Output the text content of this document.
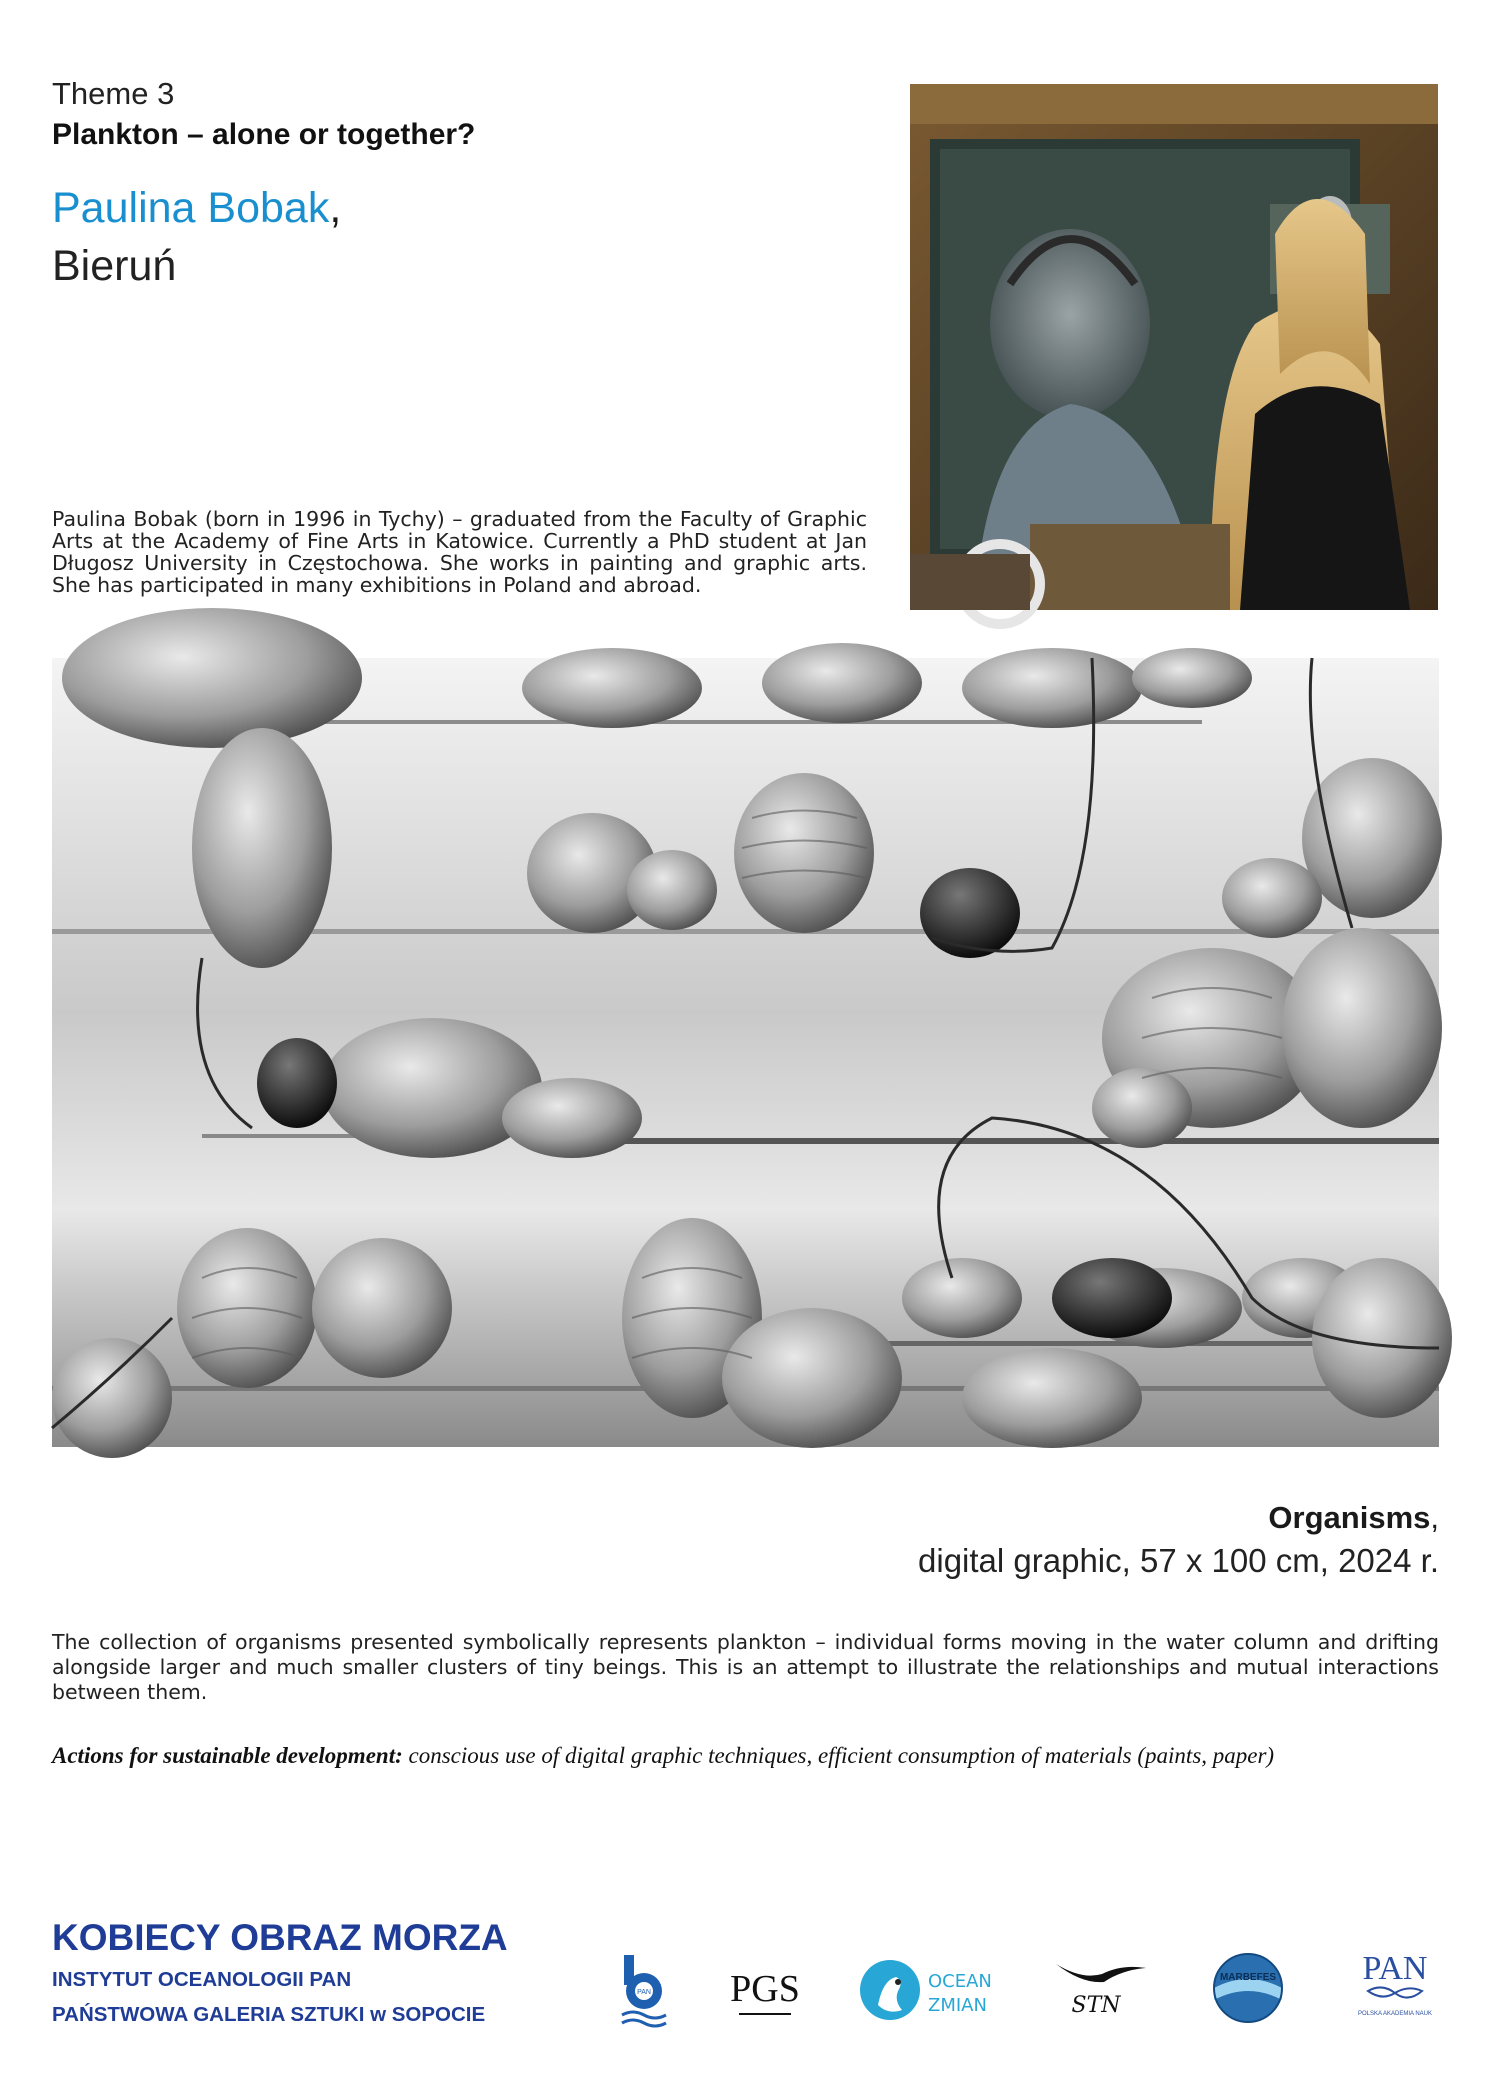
Theme 3
Plankton – alone or together?
Paulina Bobak,
Bieruń
Paulina Bobak (born in 1996 in Tychy) – graduated from the Faculty of Graphic Arts at the Academy of Fine Arts in Katowice. Currently a PhD student at Jan Długosz University in Częstochowa. She works in painting and graphic arts. She has participated in many exhibitions in Poland and abroad.
Organisms,
digital graphic, 57 x 100 cm, 2024 r.
The collection of organisms presented symbolically represents plankton – individual forms moving in the water column and drifting alongside larger and much smaller clusters of tiny beings. This is an attempt to illustrate the relationships and mutual interactions between them.
Actions for sustainable development: conscious use of digital graphic techniques, efficient consumption of materials (paints, paper)
KOBIECY OBRAZ MORZA
INSTYTUT OCEANOLOGII PAN
PAŃSTWOWA GALERIA SZTUKI w SOPOCIE
PAN PGS	OCEAN
ZMIAN	STN
MARBEFES	PAN
POLSKA AKADEMIA NAUK
